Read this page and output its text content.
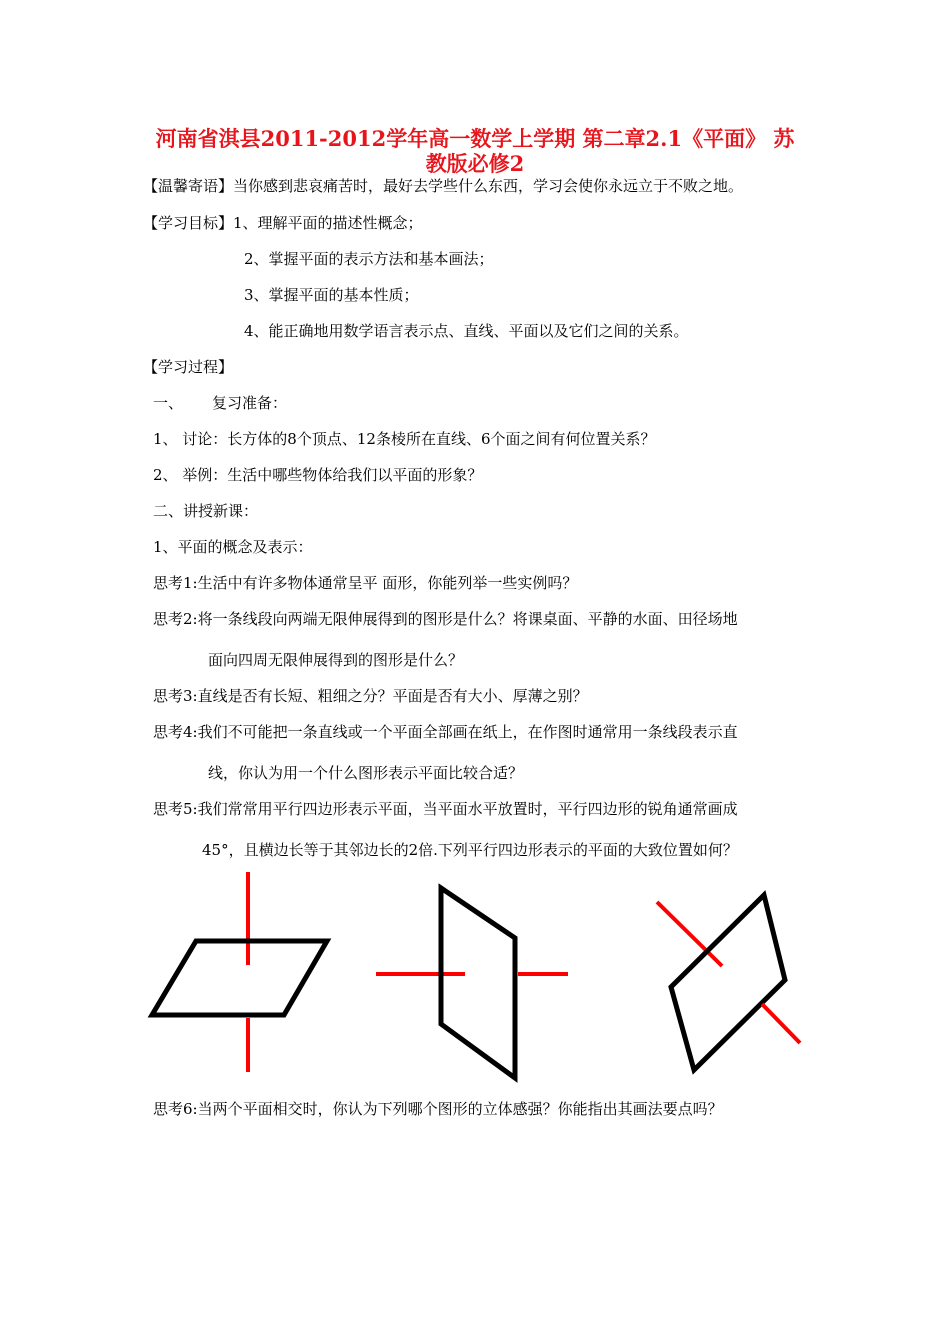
河南省淇县2011-2012学年高一数学上学期 第二章2.1《平面》 苏
教版必修2
【温馨寄语】当你感到悲哀痛苦时，最好去学些什么东西，学习会使你永远立于不败之地。
【学习目标】1、理解平面的描述性概念；
2、掌握平面的表示方法和基本画法；
3、掌握平面的基本性质；
4、能正确地用数学语言表示点、直线、平面以及它们之间的关系。
【学习过程】
一、 复习准备：
1、 讨论：长方体的8个顶点、12条棱所在直线、6个面之间有何位置关系？
2、 举例：生活中哪些物体给我们以平面的形象？
二、讲授新课：
1、平面的概念及表示：
思考1:生活中有许多物体通常呈平 面形，你能列举一些实例吗？
思考2:将一条线段向两端无限伸展得到的图形是什么？将课桌面、平静的水面、田径场地
面向四周无限伸展得到的图形是什么？
思考3:直线是否有长短、粗细之分？平面是否有大小、厚薄之别？
思考4:我们不可能把一条直线或一个平面全部画在纸上，在作图时通常用一条线段表示直
线，你认为用一个什么图形表示平面比较合适？
思考5:我们常常用平行四边形表示平面，当平面水平放置时，平行四边形的锐角通常画成
45°，且横边长等于其邻边长的2倍.下列平行四边形表示的平面的大致位置如何？
思考6:当两个平面相交时，你认为下列哪个图形的立体感强？你能指出其画法要点吗？
